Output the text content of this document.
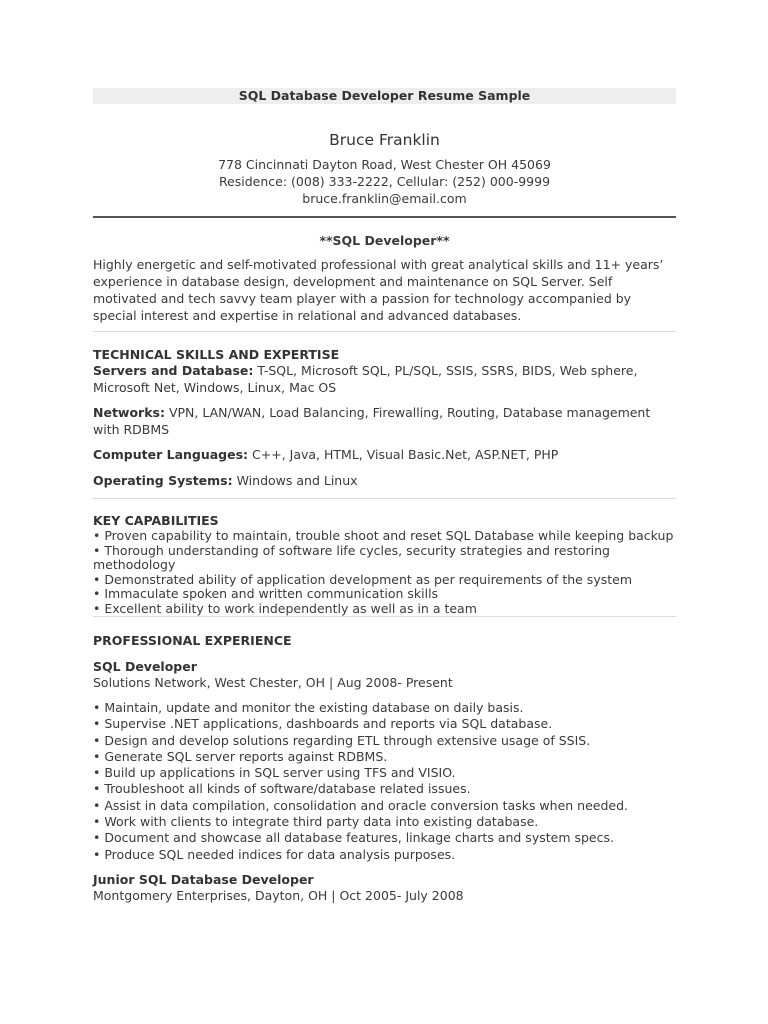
SQL Database Developer Resume Sample
Bruce Franklin
778 Cincinnati Dayton Road, West Chester OH 45069
Residence: (008) 333-2222, Cellular: (252) 000-9999
bruce.franklin@email.com
**SQL Developer**
Highly energetic and self-motivated professional with great analytical skills and 11+ years’ experience in database design, development and maintenance on SQL Server. Self motivated and tech savvy team player with a passion for technology accompanied by special interest and expertise in relational and advanced databases.
TECHNICAL SKILLS AND EXPERTISE
Servers and Database: T-SQL, Microsoft SQL, PL/SQL, SSIS, SSRS, BIDS, Web sphere, Microsoft Net, Windows, Linux, Mac OS
Networks: VPN, LAN/WAN, Load Balancing, Firewalling, Routing, Database management with RDBMS
Computer Languages: C++, Java, HTML, Visual Basic.Net, ASP.NET, PHP
Operating Systems: Windows and Linux
KEY CAPABILITIES
• Proven capability to maintain, trouble shoot and reset SQL Database while keeping backup
• Thorough understanding of software life cycles, security strategies and restoring methodology
• Demonstrated ability of application development as per requirements of the system
• Immaculate spoken and written communication skills
• Excellent ability to work independently as well as in a team
PROFESSIONAL EXPERIENCE
SQL Developer
Solutions Network, West Chester, OH | Aug 2008- Present
• Maintain, update and monitor the existing database on daily basis.
• Supervise .NET applications, dashboards and reports via SQL database.
• Design and develop solutions regarding ETL through extensive usage of SSIS.
• Generate SQL server reports against RDBMS.
• Build up applications in SQL server using TFS and VISIO.
• Troubleshoot all kinds of software/database related issues.
• Assist in data compilation, consolidation and oracle conversion tasks when needed.
• Work with clients to integrate third party data into existing database.
• Document and showcase all database features, linkage charts and system specs.
• Produce SQL needed indices for data analysis purposes.
Junior SQL Database Developer
Montgomery Enterprises, Dayton, OH | Oct 2005- July 2008
